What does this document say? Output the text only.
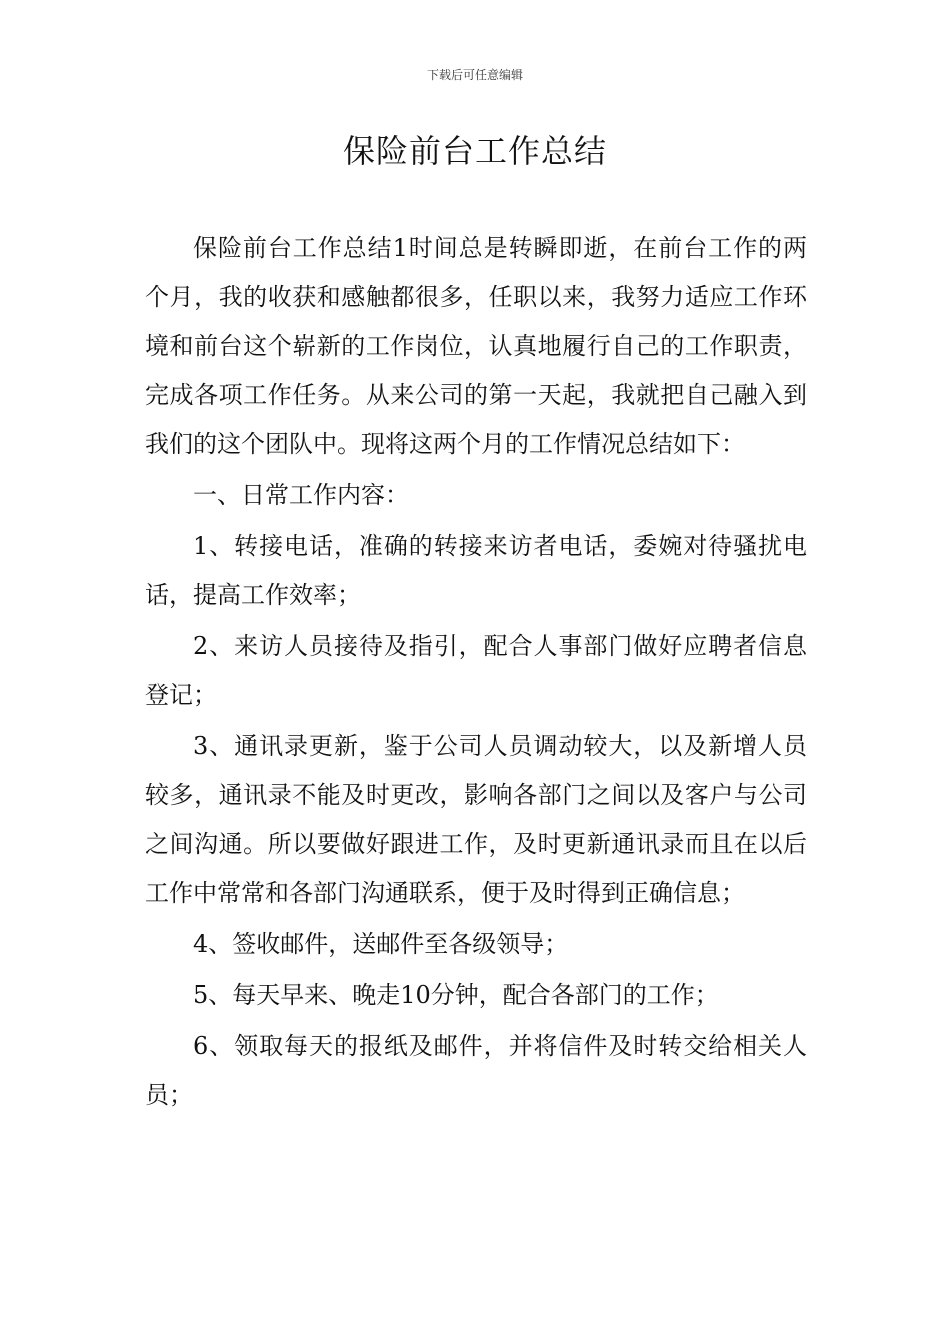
下载后可任意编辑
保险前台工作总结

保险前台工作总结1时间总是转瞬即逝，在前台工作的两个月，我的收获和感触都很多，任职以来，我努力适应工作环境和前台这个崭新的工作岗位，认真地履行自己的工作职责，完成各项工作任务。从来公司的第一天起，我就把自己融入到我们的这个团队中。现将这两个月的工作情况总结如下：

一、日常工作内容：

1、转接电话，准确的转接来访者电话，委婉对待骚扰电话，提高工作效率；

2、来访人员接待及指引，配合人事部门做好应聘者信息登记；

3、通讯录更新，鉴于公司人员调动较大，以及新增人员较多，通讯录不能及时更改，影响各部门之间以及客户与公司之间沟通。所以要做好跟进工作，及时更新通讯录而且在以后工作中常常和各部门沟通联系，便于及时得到正确信息；

4、签收邮件，送邮件至各级领导；

5、每天早来、晚走10分钟，配合各部门的工作；

6、领取每天的报纸及邮件，并将信件及时转交给相关人员；
